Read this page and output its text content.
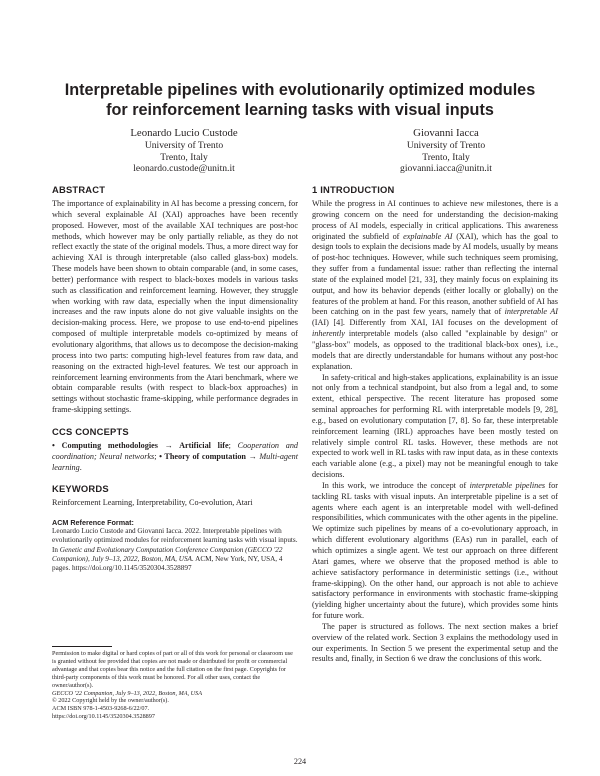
Interpretable pipelines with evolutionarily optimized modules
for reinforcement learning tasks with visual inputs
Leonardo Lucio Custode
University of Trento
Trento, Italy
leonardo.custode@unitn.it
Giovanni Iacca
University of Trento
Trento, Italy
giovanni.iacca@unitn.it
ABSTRACT

The importance of explainability in AI has become a pressing concern, for which several explainable AI (XAI) approaches have been recently proposed. However, most of the available XAI techniques are post-hoc methods, which however may be only partially reliable, as they do not reflect exactly the state of the original models. Thus, a more direct way for achieving XAI is through interpretable (also called glass-box) models. These models have been shown to obtain comparable (and, in some cases, better) performance with respect to black-boxes models in various tasks such as classification and reinforcement learning. However, they struggle when working with raw data, especially when the input dimensionality increases and the raw inputs alone do not give valuable insights on the decision-making process. Here, we propose to use end-to-end pipelines composed of multiple interpretable models co-optimized by means of evolutionary algorithms, that allows us to decompose the decision-making process into two parts: computing high-level features from raw data, and reasoning on the extracted high-level features. We test our approach in reinforcement learning environments from the Atari benchmark, where we obtain comparable results (with respect to black-box approaches) in settings without stochastic frame-skipping, while performance degrades in frame-skipping settings.

CCS CONCEPTS

• Computing methodologies → Artificial life; Cooperation and coordination; Neural networks; • Theory of computation → Multi-agent learning.

KEYWORDS

Reinforcement Learning, Interpretability, Co-evolution, Atari

ACM Reference Format:

Leonardo Lucio Custode and Giovanni Iacca. 2022. Interpretable pipelines with evolutionarily optimized modules for reinforcement learning tasks with visual inputs. In Genetic and Evolutionary Computation Conference Companion (GECCO '22 Companion), July 9–13, 2022, Boston, MA, USA. ACM, New York, NY, USA, 4 pages. https://doi.org/10.1145/3520304.3528897

Permission to make digital or hard copies of part or all of this work for personal or classroom use is granted without fee provided that copies are not made or distributed for profit or commercial advantage and that copies bear this notice and the full citation on the first page. Copyrights for third-party components of this work must be honored. For all other uses, contact the owner/author(s).
GECCO '22 Companion, July 9–13, 2022, Boston, MA, USA
© 2022 Copyright held by the owner/author(s).
ACM ISBN 978-1-4503-9268-6/22/07.
https://doi.org/10.1145/3520304.3528897
1 INTRODUCTION

While the progress in AI continues to achieve new milestones, there is a growing concern on the need for understanding the decision-making process of AI models, especially in critical applications. This awareness originated the subfield of explainable AI (XAI), which has the goal to design tools to explain the decisions made by AI models, usually by means of post-hoc techniques. However, while such techniques seem promising, they suffer from a fundamental issue: rather than reflecting the internal state of the explained model [21, 33], they mainly focus on explaining its output, and how its behavior depends (either locally or globally) on the features of the problem at hand. For this reason, another subfield of AI has been catching on in the past few years, namely that of interpretable AI (IAI) [4]. Differently from XAI, IAI focuses on the development of inherently interpretable models (also called "explainable by design" or "glass-box" models, as opposed to the traditional black-box ones), i.e., models that are directly understandable for humans without any post-hoc explanation.

In safety-critical and high-stakes applications, explainability is an issue not only from a technical standpoint, but also from a legal and, to some extent, ethical perspective. The recent literature has proposed some seminal approaches for performing RL with interpretable models [9, 28], e.g., based on evolutionary computation [7, 8]. So far, these interpretable reinforcement learning (IRL) approaches have been mostly tested on relatively simple control RL tasks. However, these methods are not expected to work well in RL tasks with raw input data, as in these contexts each variable alone (e.g., a pixel) may not be meaningful enough to take decisions.

In this work, we introduce the concept of interpretable pipelines for tackling RL tasks with visual inputs. An interpretable pipeline is a set of agents where each agent is an interpretable model with well-defined responsibilities, which communicates with the other agents in the pipeline. We optimize such pipelines by means of a co-evolutionary approach, in which different evolutionary algorithms (EAs) run in parallel, each of which optimizes a single agent. We test our approach on three different Atari games, where we observe that the proposed method is able to achieve satisfactory performance in deterministic settings (i.e., without frame-skipping). On the other hand, our approach is not able to achieve satisfactory performance in environments with stochastic frame-skipping (yielding higher uncertainty about the future), which provides some hints for future work.

The paper is structured as follows. The next section makes a brief overview of the related work. Section 3 explains the methodology used in our experiments. In Section 5 we present the experimental setup and the results and, finally, in Section 6 we draw the conclusions of this work.

224
